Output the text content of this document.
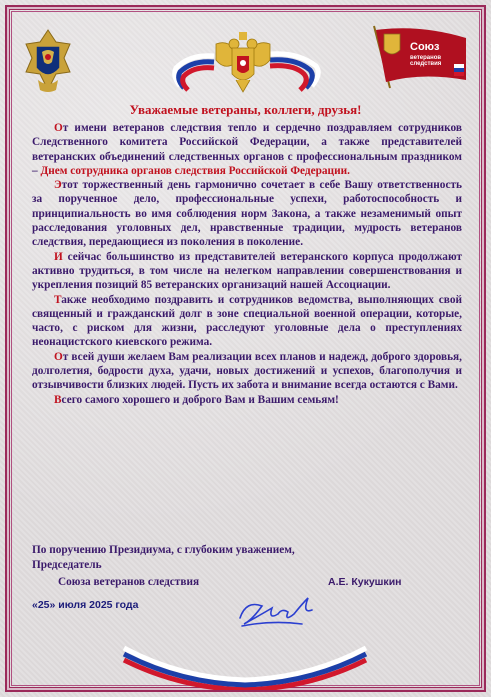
Союз
ветеранов
следствия
Уважаемые ветераны, коллеги, друзья!

От имени ветеранов следствия тепло и сердечно поздравляем сотрудников Следственного комитета Российской Федерации, а также представителей ветеранских объединений следственных органов с профессиональным праздником – Днем сотрудника органов следствия Российской Федерации.

Этот торжественный день гармонично сочетает в себе Вашу ответственность за порученное дело, профессиональные успехи, работоспособность и принципиальность во имя соблюдения норм Закона, а также незаменимый опыт расследования уголовных дел, нравственные традиции, мудрость ветеранов следствия, передающиеся из поколения в поколение.

И сейчас большинство из представителей ветеранского корпуса продолжают активно трудиться, в том числе на нелегком направлении совершенствования и укрепления позиций 85 ветеранских организаций нашей Ассоциации.

Также необходимо поздравить и сотрудников ведомства, выполняющих свой священный и гражданский долг в зоне специальной военной операции, которые, часто, с риском для жизни, расследуют уголовные дела о преступлениях неонацистского киевского режима.

От всей души желаем Вам реализации всех планов и надежд, доброго здоровья, долголетия, бодрости духа, удачи, новых достижений и успехов, благополучия и отзывчивости близких людей. Пусть их забота и внимание всегда остаются с Вами.

Всего самого хорошего и доброго Вам и Вашим семьям!

По поручению Президиума, с глубоким уважением,
Председатель
Союза ветеранов следствия	А.Е. Кукушкин
«25» июля 2025 года
